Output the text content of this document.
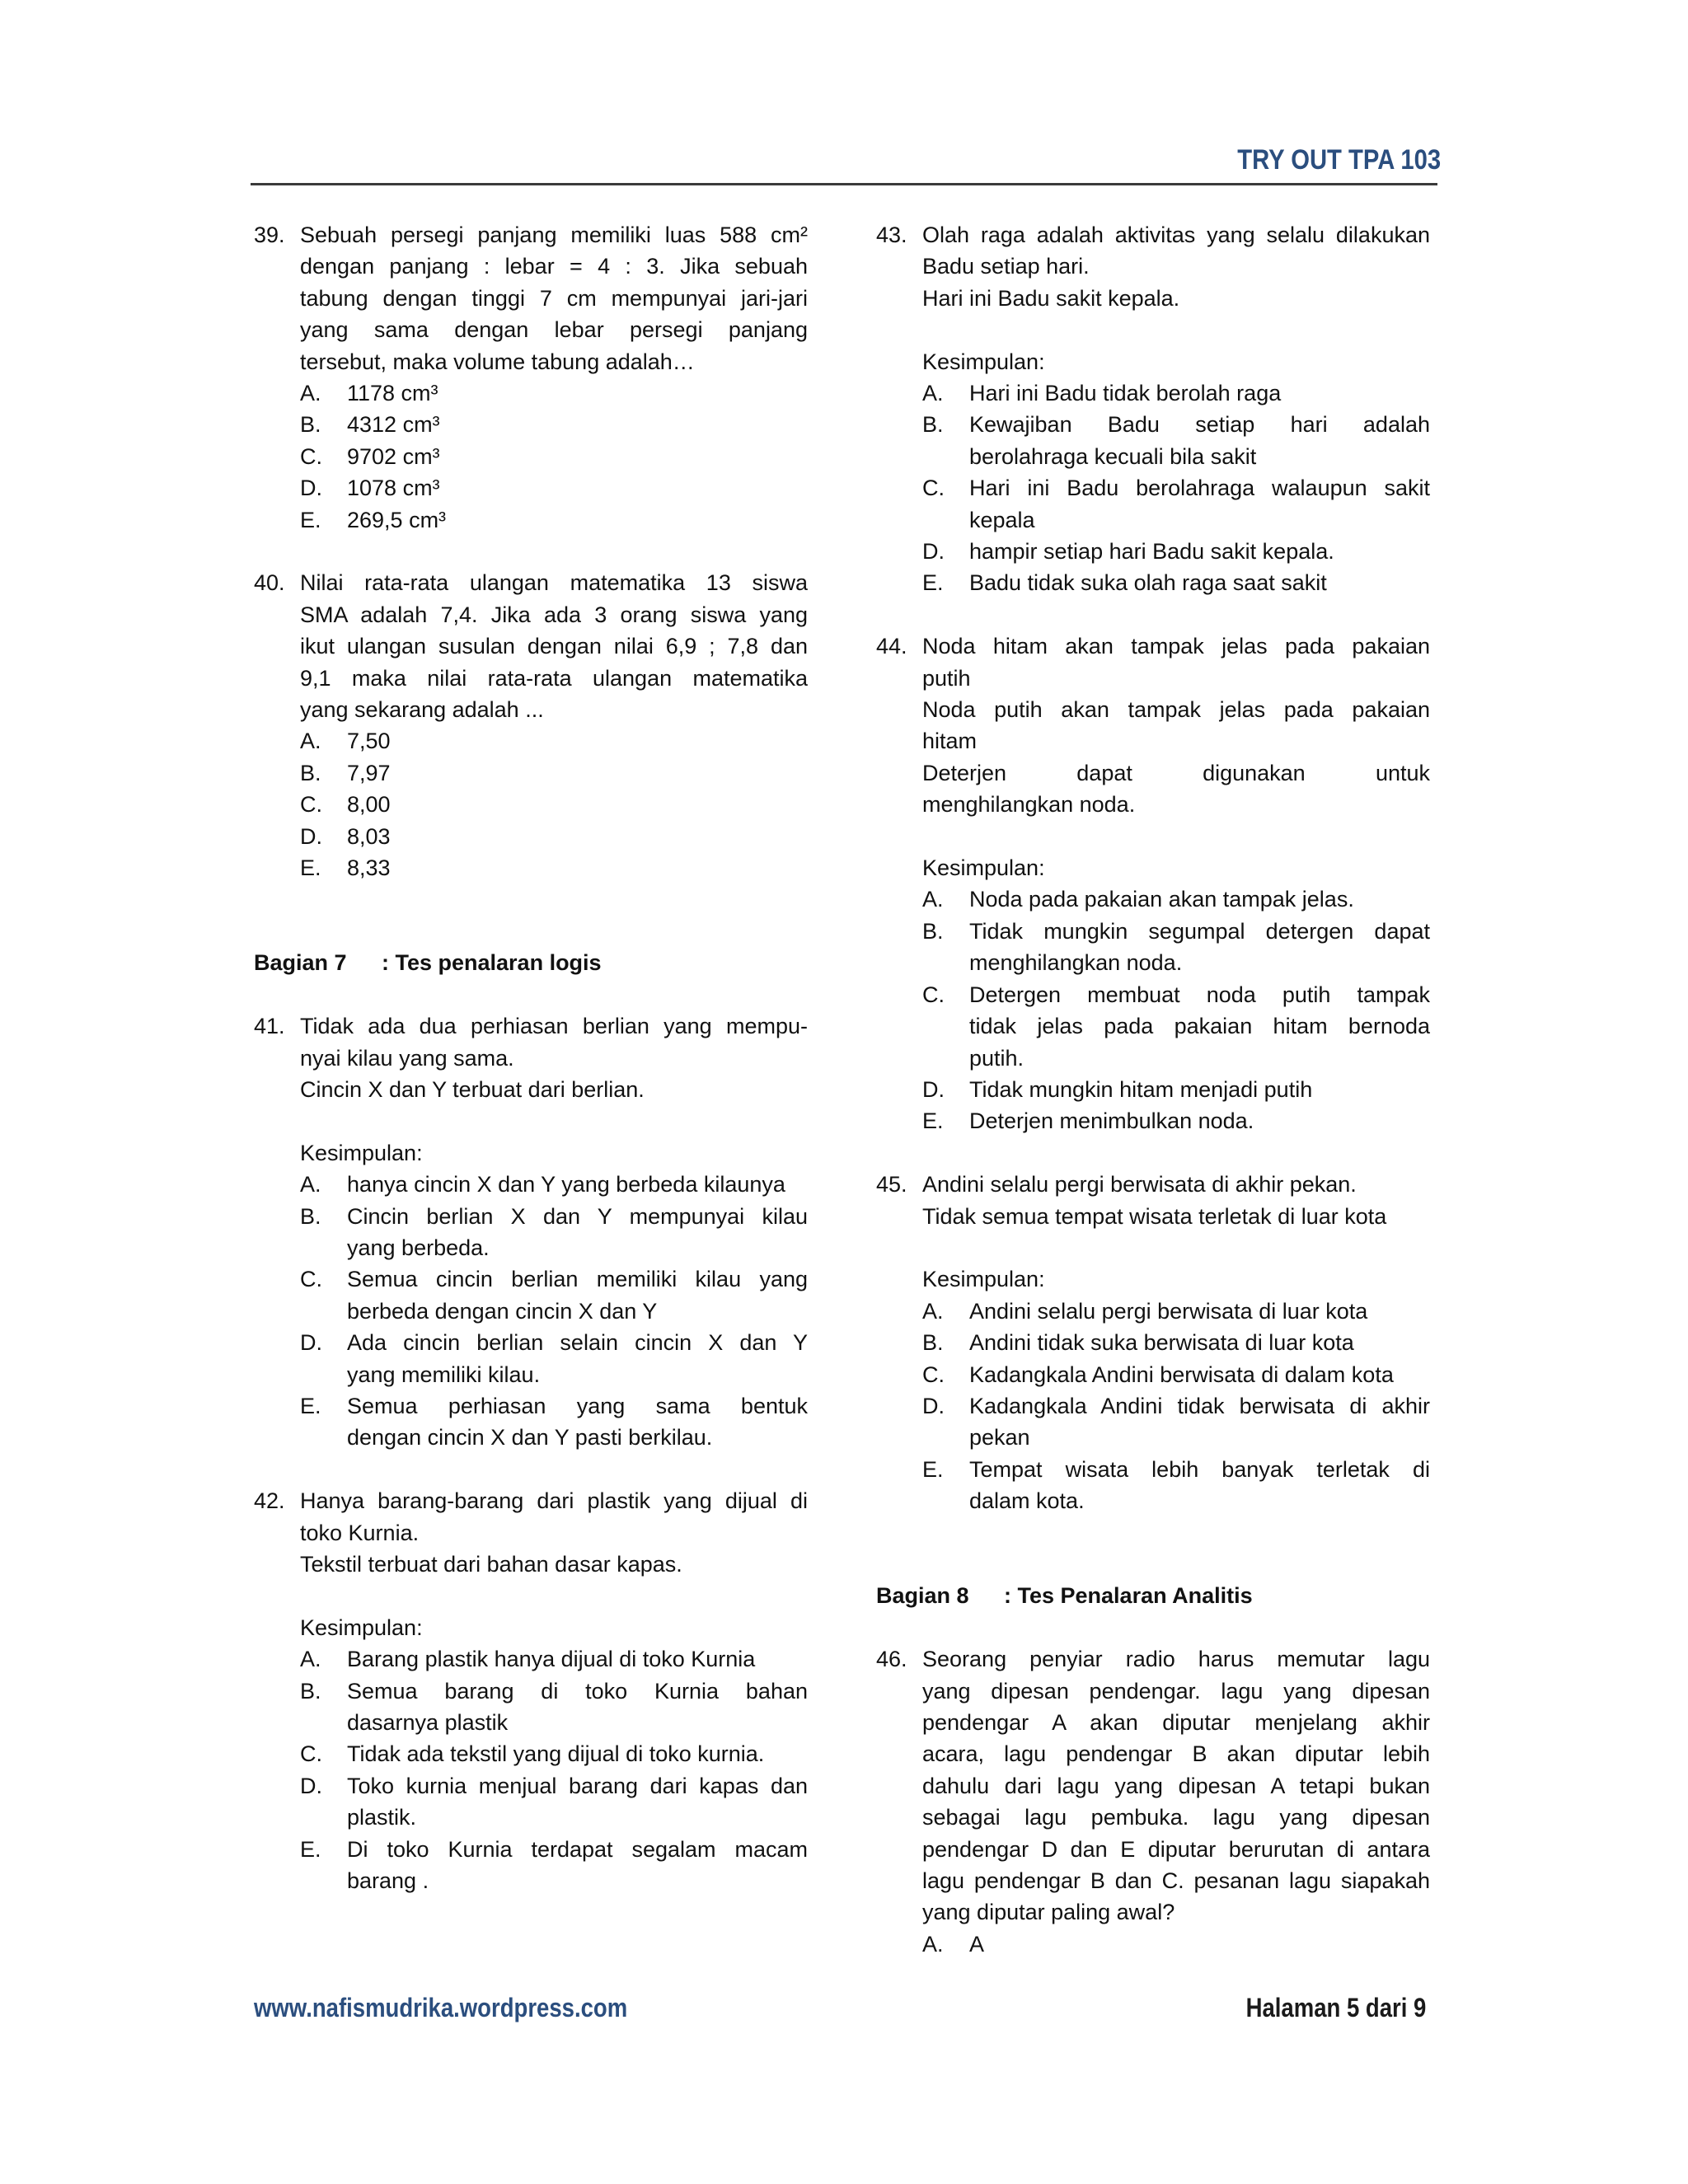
TRY OUT TPA 103
39. Sebuah persegi panjang memiliki luas 588 cm²
dengan panjang : lebar = 4 : 3. Jika sebuah
tabung dengan tinggi 7 cm mempunyai jari-jari
yang sama dengan lebar persegi panjang
tersebut, maka volume tabung adalah…
A. 1178 cm³
B. 4312 cm³
C. 9702 cm³
D. 1078 cm³
E. 269,5 cm³
40. Nilai rata-rata ulangan matematika 13 siswa
SMA adalah 7,4. Jika ada 3 orang siswa yang
ikut ulangan susulan dengan nilai 6,9 ; 7,8 dan
9,1 maka nilai rata-rata ulangan matematika
yang sekarang adalah ...
A. 7,50
B. 7,97
C. 8,00
D. 8,03
E. 8,33
Bagian 7 : Tes penalaran logis
41. Tidak ada dua perhiasan berlian yang mempu-
nyai kilau yang sama.
Cincin X dan Y terbuat dari berlian.
Kesimpulan:
A. hanya cincin X dan Y yang berbeda kilaunya
B. Cincin berlian X dan Y mempunyai kilau
yang berbeda.
C. Semua cincin berlian memiliki kilau yang
berbeda dengan cincin X dan Y
D. Ada cincin berlian selain cincin X dan Y
yang memiliki kilau.
E. Semua perhiasan yang sama bentuk
dengan cincin X dan Y pasti berkilau.
42. Hanya barang-barang dari plastik yang dijual di
toko Kurnia.
Tekstil terbuat dari bahan dasar kapas.
Kesimpulan:
A. Barang plastik hanya dijual di toko Kurnia
B. Semua barang di toko Kurnia bahan
dasarnya plastik
C. Tidak ada tekstil yang dijual di toko kurnia.
D. Toko kurnia menjual barang dari kapas dan
plastik.
E. Di toko Kurnia terdapat segalam macam
barang .
43. Olah raga adalah aktivitas yang selalu dilakukan
Badu setiap hari.
Hari ini Badu sakit kepala.
Kesimpulan:
A. Hari ini Badu tidak berolah raga
B. Kewajiban Badu setiap hari adalah
berolahraga kecuali bila sakit
C. Hari ini Badu berolahraga walaupun sakit
kepala
D. hampir setiap hari Badu sakit kepala.
E. Badu tidak suka olah raga saat sakit
44. Noda hitam akan tampak jelas pada pakaian
putih
Noda putih akan tampak jelas pada pakaian
hitam
Deterjen dapat digunakan untuk
menghilangkan noda.
Kesimpulan:
A. Noda pada pakaian akan tampak jelas.
B. Tidak mungkin segumpal detergen dapat
menghilangkan noda.
C. Detergen membuat noda putih tampak
tidak jelas pada pakaian hitam bernoda
putih.
D. Tidak mungkin hitam menjadi putih
E. Deterjen menimbulkan noda.
45. Andini selalu pergi berwisata di akhir pekan.
Tidak semua tempat wisata terletak di luar kota
Kesimpulan:
A. Andini selalu pergi berwisata di luar kota
B. Andini tidak suka berwisata di luar kota
C. Kadangkala Andini berwisata di dalam kota
D. Kadangkala Andini tidak berwisata di akhir
pekan
E. Tempat wisata lebih banyak terletak di
dalam kota.
Bagian 8 : Tes Penalaran Analitis
46. Seorang penyiar radio harus memutar lagu
yang dipesan pendengar. lagu yang dipesan
pendengar A akan diputar menjelang akhir
acara, lagu pendengar B akan diputar lebih
dahulu dari lagu yang dipesan A tetapi bukan
sebagai lagu pembuka. lagu yang dipesan
pendengar D dan E diputar berurutan di antara
lagu pendengar B dan C. pesanan lagu siapakah
yang diputar paling awal?
A. A
www.nafismudrika.wordpress.com	Halaman 5 dari 9
